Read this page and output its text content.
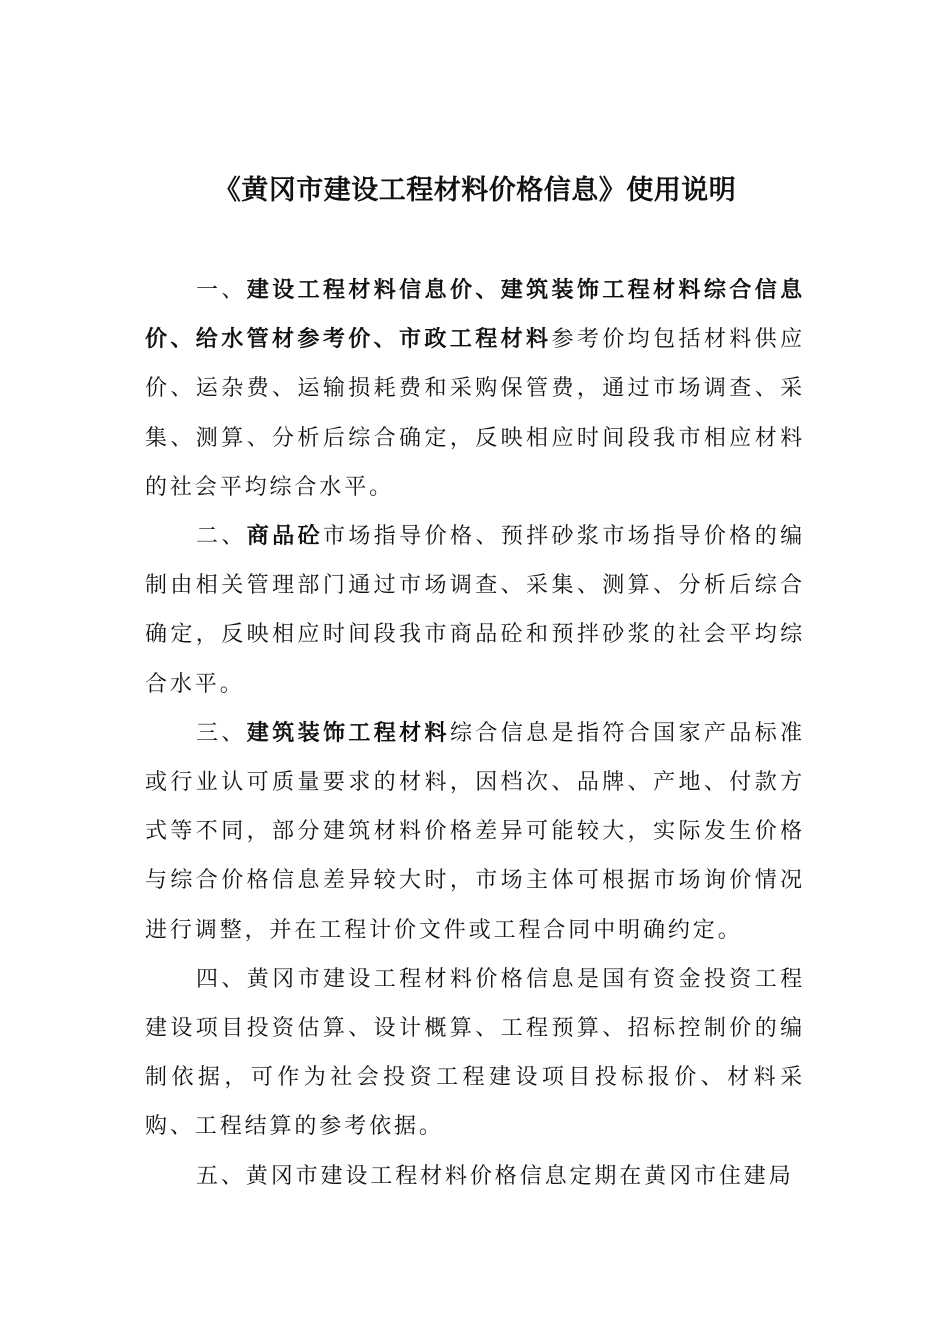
《黄冈市建设工程材料价格信息》使用说明

一、建设工程材料信息价、建筑装饰工程材料综合信息价、给水管材参考价、市政工程材料参考价均包括材料供应价、运杂费、运输损耗费和采购保管费，通过市场调查、采集、测算、分析后综合确定，反映相应时间段我市相应材料的社会平均综合水平。

二、商品砼市场指导价格、预拌砂浆市场指导价格的编制由相关管理部门通过市场调查、采集、测算、分析后综合确定，反映相应时间段我市商品砼和预拌砂浆的社会平均综合水平。

三、建筑装饰工程材料综合信息是指符合国家产品标准或行业认可质量要求的材料，因档次、品牌、产地、付款方式等不同，部分建筑材料价格差异可能较大，实际发生价格与综合价格信息差异较大时，市场主体可根据市场询价情况进行调整，并在工程计价文件或工程合同中明确约定。

四、黄冈市建设工程材料价格信息是国有资金投资工程建设项目投资估算、设计概算、工程预算、招标控制价的编制依据，可作为社会投资工程建设项目投标报价、材料采购、工程结算的参考依据。

五、黄冈市建设工程材料价格信息定期在黄冈市住建局
